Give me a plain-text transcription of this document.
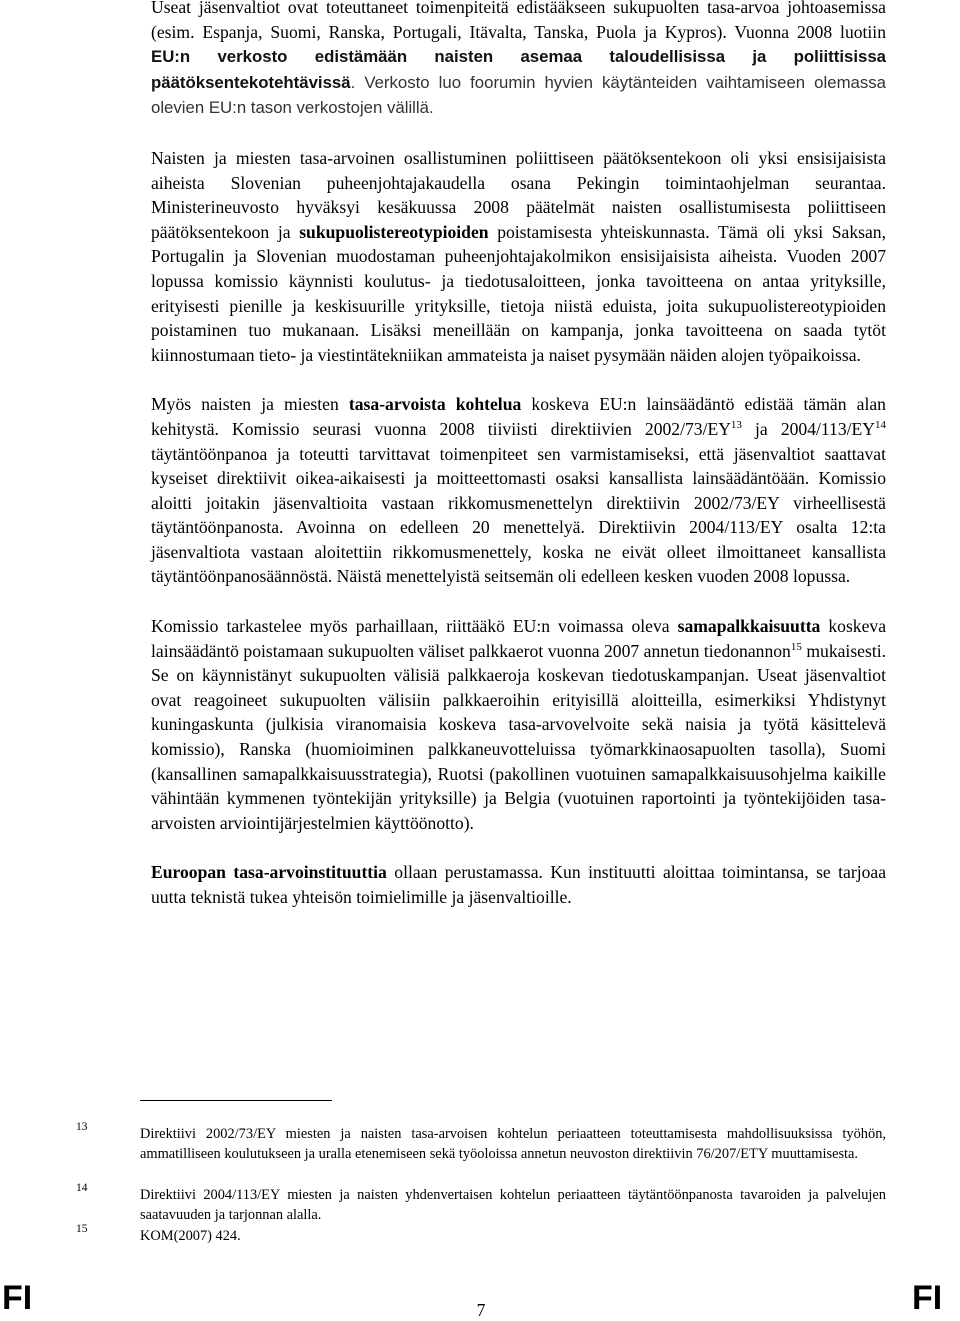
Useat jäsenvaltiot ovat toteuttaneet toimenpiteitä edistääkseen sukupuolten tasa-arvoa johtoasemissa (esim. Espanja, Suomi, Ranska, Portugali, Itävalta, Tanska, Puola ja Kypros). Vuonna 2008 luotiin EU:n verkosto edistämään naisten asemaa taloudellisissa ja poliittisissa päätöksentekotehtävissä. Verkosto luo foorumin hyvien käytänteiden vaihtamiseen olemassa olevien EU:n tason verkostojen välillä.

Naisten ja miesten tasa-arvoinen osallistuminen poliittiseen päätöksentekoon oli yksi ensisijaisista aiheista Slovenian puheenjohtajakaudella osana Pekingin toimintaohjelman seurantaa. Ministerineuvosto hyväksyi kesäkuussa 2008 päätelmät naisten osallistumisesta poliittiseen päätöksentekoon ja sukupuolistereotypioiden poistamisesta yhteiskunnasta. Tämä oli yksi Saksan, Portugalin ja Slovenian muodostaman puheenjohtajakolmikon ensisijaisista aiheista. Vuoden 2007 lopussa komissio käynnisti koulutus- ja tiedotusaloitteen, jonka tavoitteena on antaa yrityksille, erityisesti pienille ja keskisuurille yrityksille, tietoja niistä eduista, joita sukupuolistereotypioiden poistaminen tuo mukanaan. Lisäksi meneillään on kampanja, jonka tavoitteena on saada tytöt kiinnostumaan tieto- ja viestintätekniikan ammateista ja naiset pysymään näiden alojen työpaikoissa.

Myös naisten ja miesten tasa-arvoista kohtelua koskeva EU:n lainsäädäntö edistää tämän alan kehitystä. Komissio seurasi vuonna 2008 tiiviisti direktiivien 2002/73/EY$^{13}$ ja 2004/113/EY$^{14}$ täytäntöönpanoa ja toteutti tarvittavat toimenpiteet sen varmistamiseksi, että jäsenvaltiot saattavat kyseiset direktiivit oikea-aikaisesti ja moitteettomasti osaksi kansallista lainsäädäntöään. Komissio aloitti joitakin jäsenvaltioita vastaan rikkomusmenettelyn direktiivin 2002/73/EY virheellisestä täytäntöönpanosta. Avoinna on edelleen 20 menettelyä. Direktiivin 2004/113/EY osalta 12:ta jäsenvaltiota vastaan aloitettiin rikkomusmenettely, koska ne eivät olleet ilmoittaneet kansallista täytäntöönpanosäännöstä. Näistä menettelyistä seitsemän oli edelleen kesken vuoden 2008 lopussa.

Komissio tarkastelee myös parhaillaan, riittääkö EU:n voimassa oleva samapalkkaisuutta koskeva lainsäädäntö poistamaan sukupuolten väliset palkkaerot vuonna 2007 annetun tiedonannon$^{15}$ mukaisesti. Se on käynnistänyt sukupuolten välisiä palkkaeroja koskevan tiedotuskampanjan. Useat jäsenvaltiot ovat reagoineet sukupuolten välisiin palkkaeroihin erityisillä aloitteilla, esimerkiksi Yhdistynyt kuningaskunta (julkisia viranomaisia koskeva tasa-arvovelvoite sekä naisia ja työtä käsittelevä komissio), Ranska (huomioiminen palkkaneuvotteluissa työmarkkinaosapuolten tasolla), Suomi (kansallinen samapalkkaisuusstrategia), Ruotsi (pakollinen vuotuinen samapalkkaisuusohjelma kaikille vähintään kymmenen työntekijän yrityksille) ja Belgia (vuotuinen raportointi ja työntekijöiden tasa-arvoisten arviointijärjestelmien käyttöönotto).

Euroopan tasa-arvoinstituuttia ollaan perustamassa. Kun instituutti aloittaa toimintansa, se tarjoaa uutta teknistä tukea yhteisön toimielimille ja jäsenvaltioille.

13	Direktiivi 2002/73/EY miesten ja naisten tasa-arvoisen kohtelun periaatteen toteuttamisesta mahdollisuuksissa työhön, ammatilliseen koulutukseen ja uralla etenemiseen sekä työoloissa annetun neuvoston direktiivin 76/207/ETY muuttamisesta.
14	Direktiivi 2004/113/EY miesten ja naisten yhdenvertaisen kohtelun periaatteen täytäntöönpanosta tavaroiden ja palvelujen saatavuuden ja tarjonnan alalla.
15	KOM(2007) 424.
FI	7	FI
